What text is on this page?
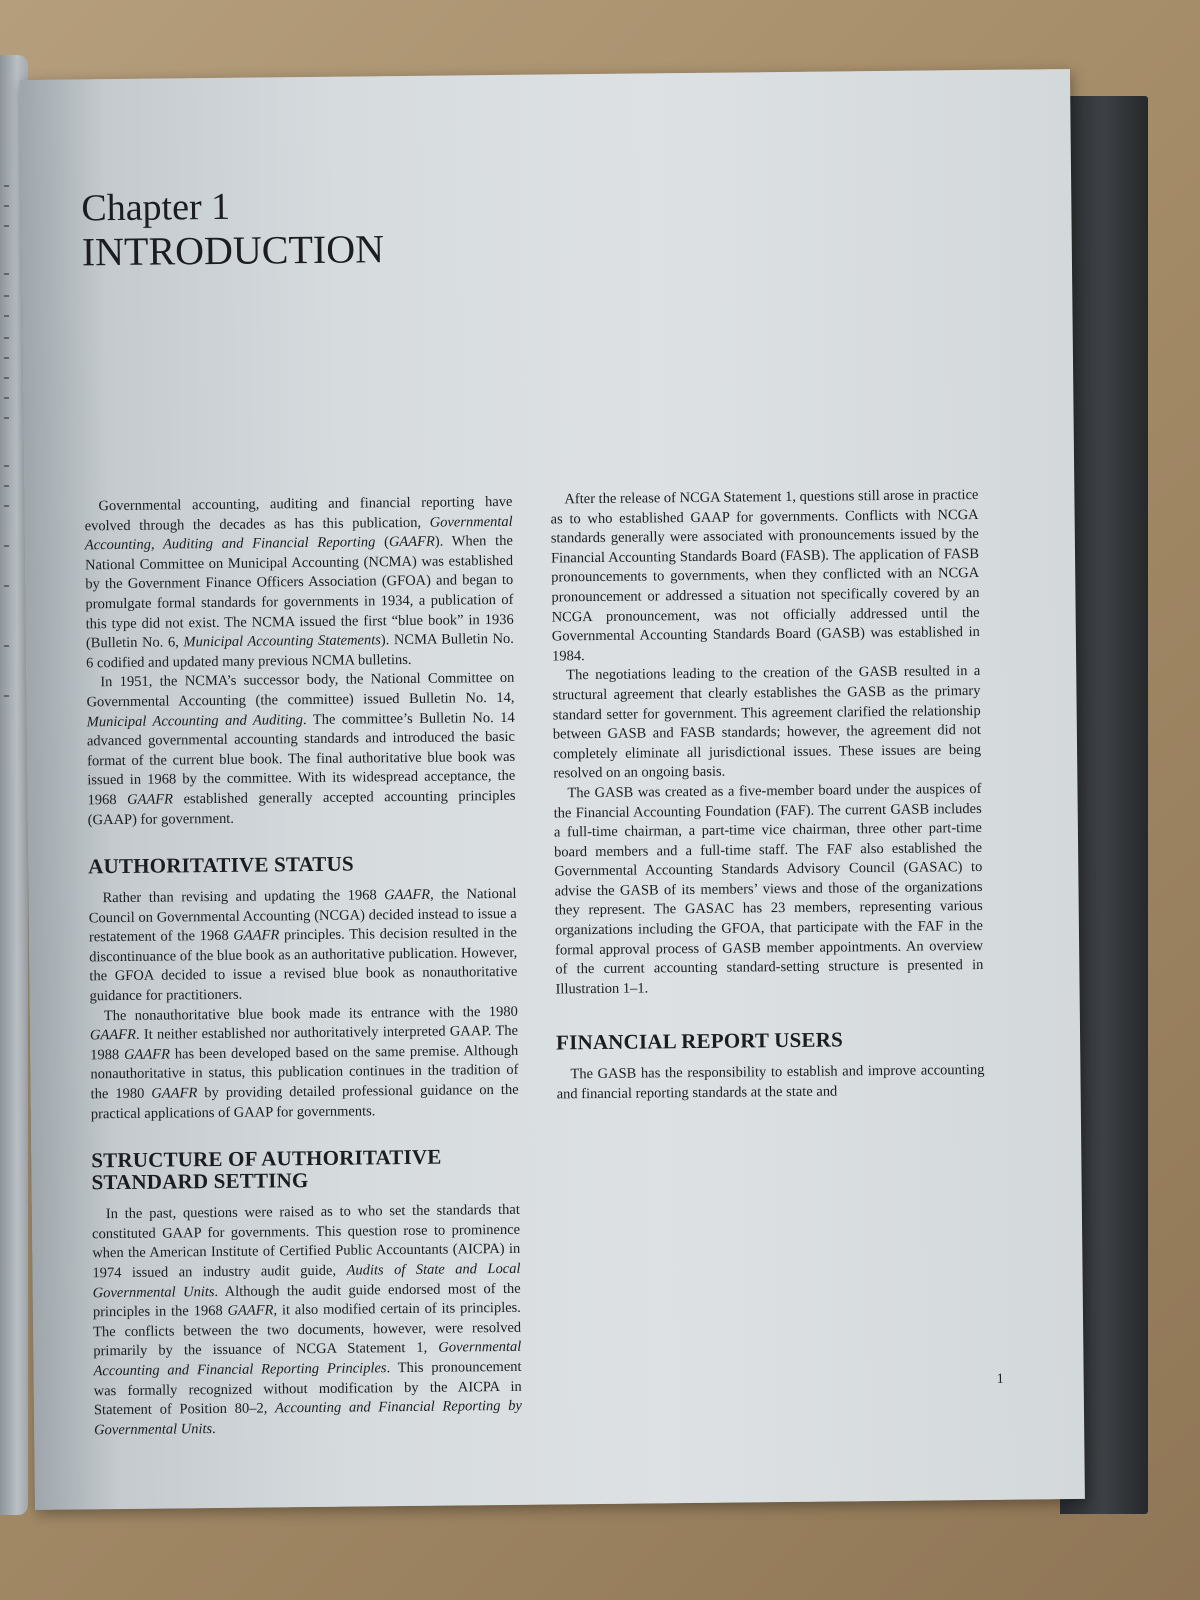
Chapter 1
INTRODUCTION

Governmental accounting, auditing and financial reporting have evolved through the decades as has this publication, Governmental Accounting, Auditing and Financial Reporting (GAAFR). When the National Committee on Municipal Accounting (NCMA) was established by the Government Finance Officers Association (GFOA) and began to promulgate formal standards for governments in 1934, a publication of this type did not exist. The NCMA issued the first “blue book” in 1936 (Bulletin No. 6, Municipal Accounting Statements). NCMA Bulletin No. 6 codified and updated many previous NCMA bulletins.

In 1951, the NCMA’s successor body, the National Committee on Governmental Accounting (the committee) issued Bulletin No. 14, Municipal Accounting and Auditing. The committee’s Bulletin No. 14 advanced governmental accounting standards and introduced the basic format of the current blue book. The final authoritative blue book was issued in 1968 by the committee. With its widespread acceptance, the 1968 GAAFR established generally accepted accounting principles (GAAP) for government.

AUTHORITATIVE STATUS

Rather than revising and updating the 1968 GAAFR, the National Council on Governmental Accounting (NCGA) decided instead to issue a restatement of the 1968 GAAFR principles. This decision resulted in the discontinuance of the blue book as an authoritative publication. However, the GFOA decided to issue a revised blue book as nonauthoritative guidance for practitioners.

The nonauthoritative blue book made its entrance with the 1980 GAAFR. It neither established nor authoritatively interpreted GAAP. The 1988 GAAFR has been developed based on the same premise. Although nonauthoritative in status, this publication continues in the tradition of the 1980 GAAFR by providing detailed professional guidance on the practical applications of GAAP for governments.

STRUCTURE OF AUTHORITATIVE STANDARD SETTING

In the past, questions were raised as to who set the standards that constituted GAAP for governments. This question rose to prominence when the American Institute of Certified Public Accountants (AICPA) in 1974 issued an industry audit guide, Audits of State and Local Governmental Units. Although the audit guide endorsed most of the principles in the 1968 GAAFR, it also modified certain of its principles. The conflicts between the two documents, however, were resolved primarily by the issuance of NCGA Statement 1, Governmental Accounting and Financial Reporting Principles. This pronouncement was formally recognized without modification by the AICPA in Statement of Position 80–2, Accounting and Financial Reporting by Governmental Units.

After the release of NCGA Statement 1, questions still arose in practice as to who established GAAP for governments. Conflicts with NCGA standards generally were associated with pronouncements issued by the Financial Accounting Standards Board (FASB). The application of FASB pronouncements to governments, when they conflicted with an NCGA pronouncement or addressed a situation not specifically covered by an NCGA pronouncement, was not officially addressed until the Governmental Accounting Standards Board (GASB) was established in 1984.

The negotiations leading to the creation of the GASB resulted in a structural agreement that clearly establishes the GASB as the primary standard setter for government. This agreement clarified the relationship between GASB and FASB standards; however, the agreement did not completely eliminate all jurisdictional issues. These issues are being resolved on an ongoing basis.

The GASB was created as a five-member board under the auspices of the Financial Accounting Foundation (FAF). The current GASB includes a full-time chairman, a part-time vice chairman, three other part-time board members and a full-time staff. The FAF also established the Governmental Accounting Standards Advisory Council (GASAC) to advise the GASB of its members’ views and those of the organizations they represent. The GASAC has 23 members, representing various organizations including the GFOA, that participate with the FAF in the formal approval process of GASB member appointments. An overview of the current accounting standard-setting structure is presented in Illustration 1–1.

FINANCIAL REPORT USERS

The GASB has the responsibility to establish and improve accounting and financial reporting standards at the state and

1
